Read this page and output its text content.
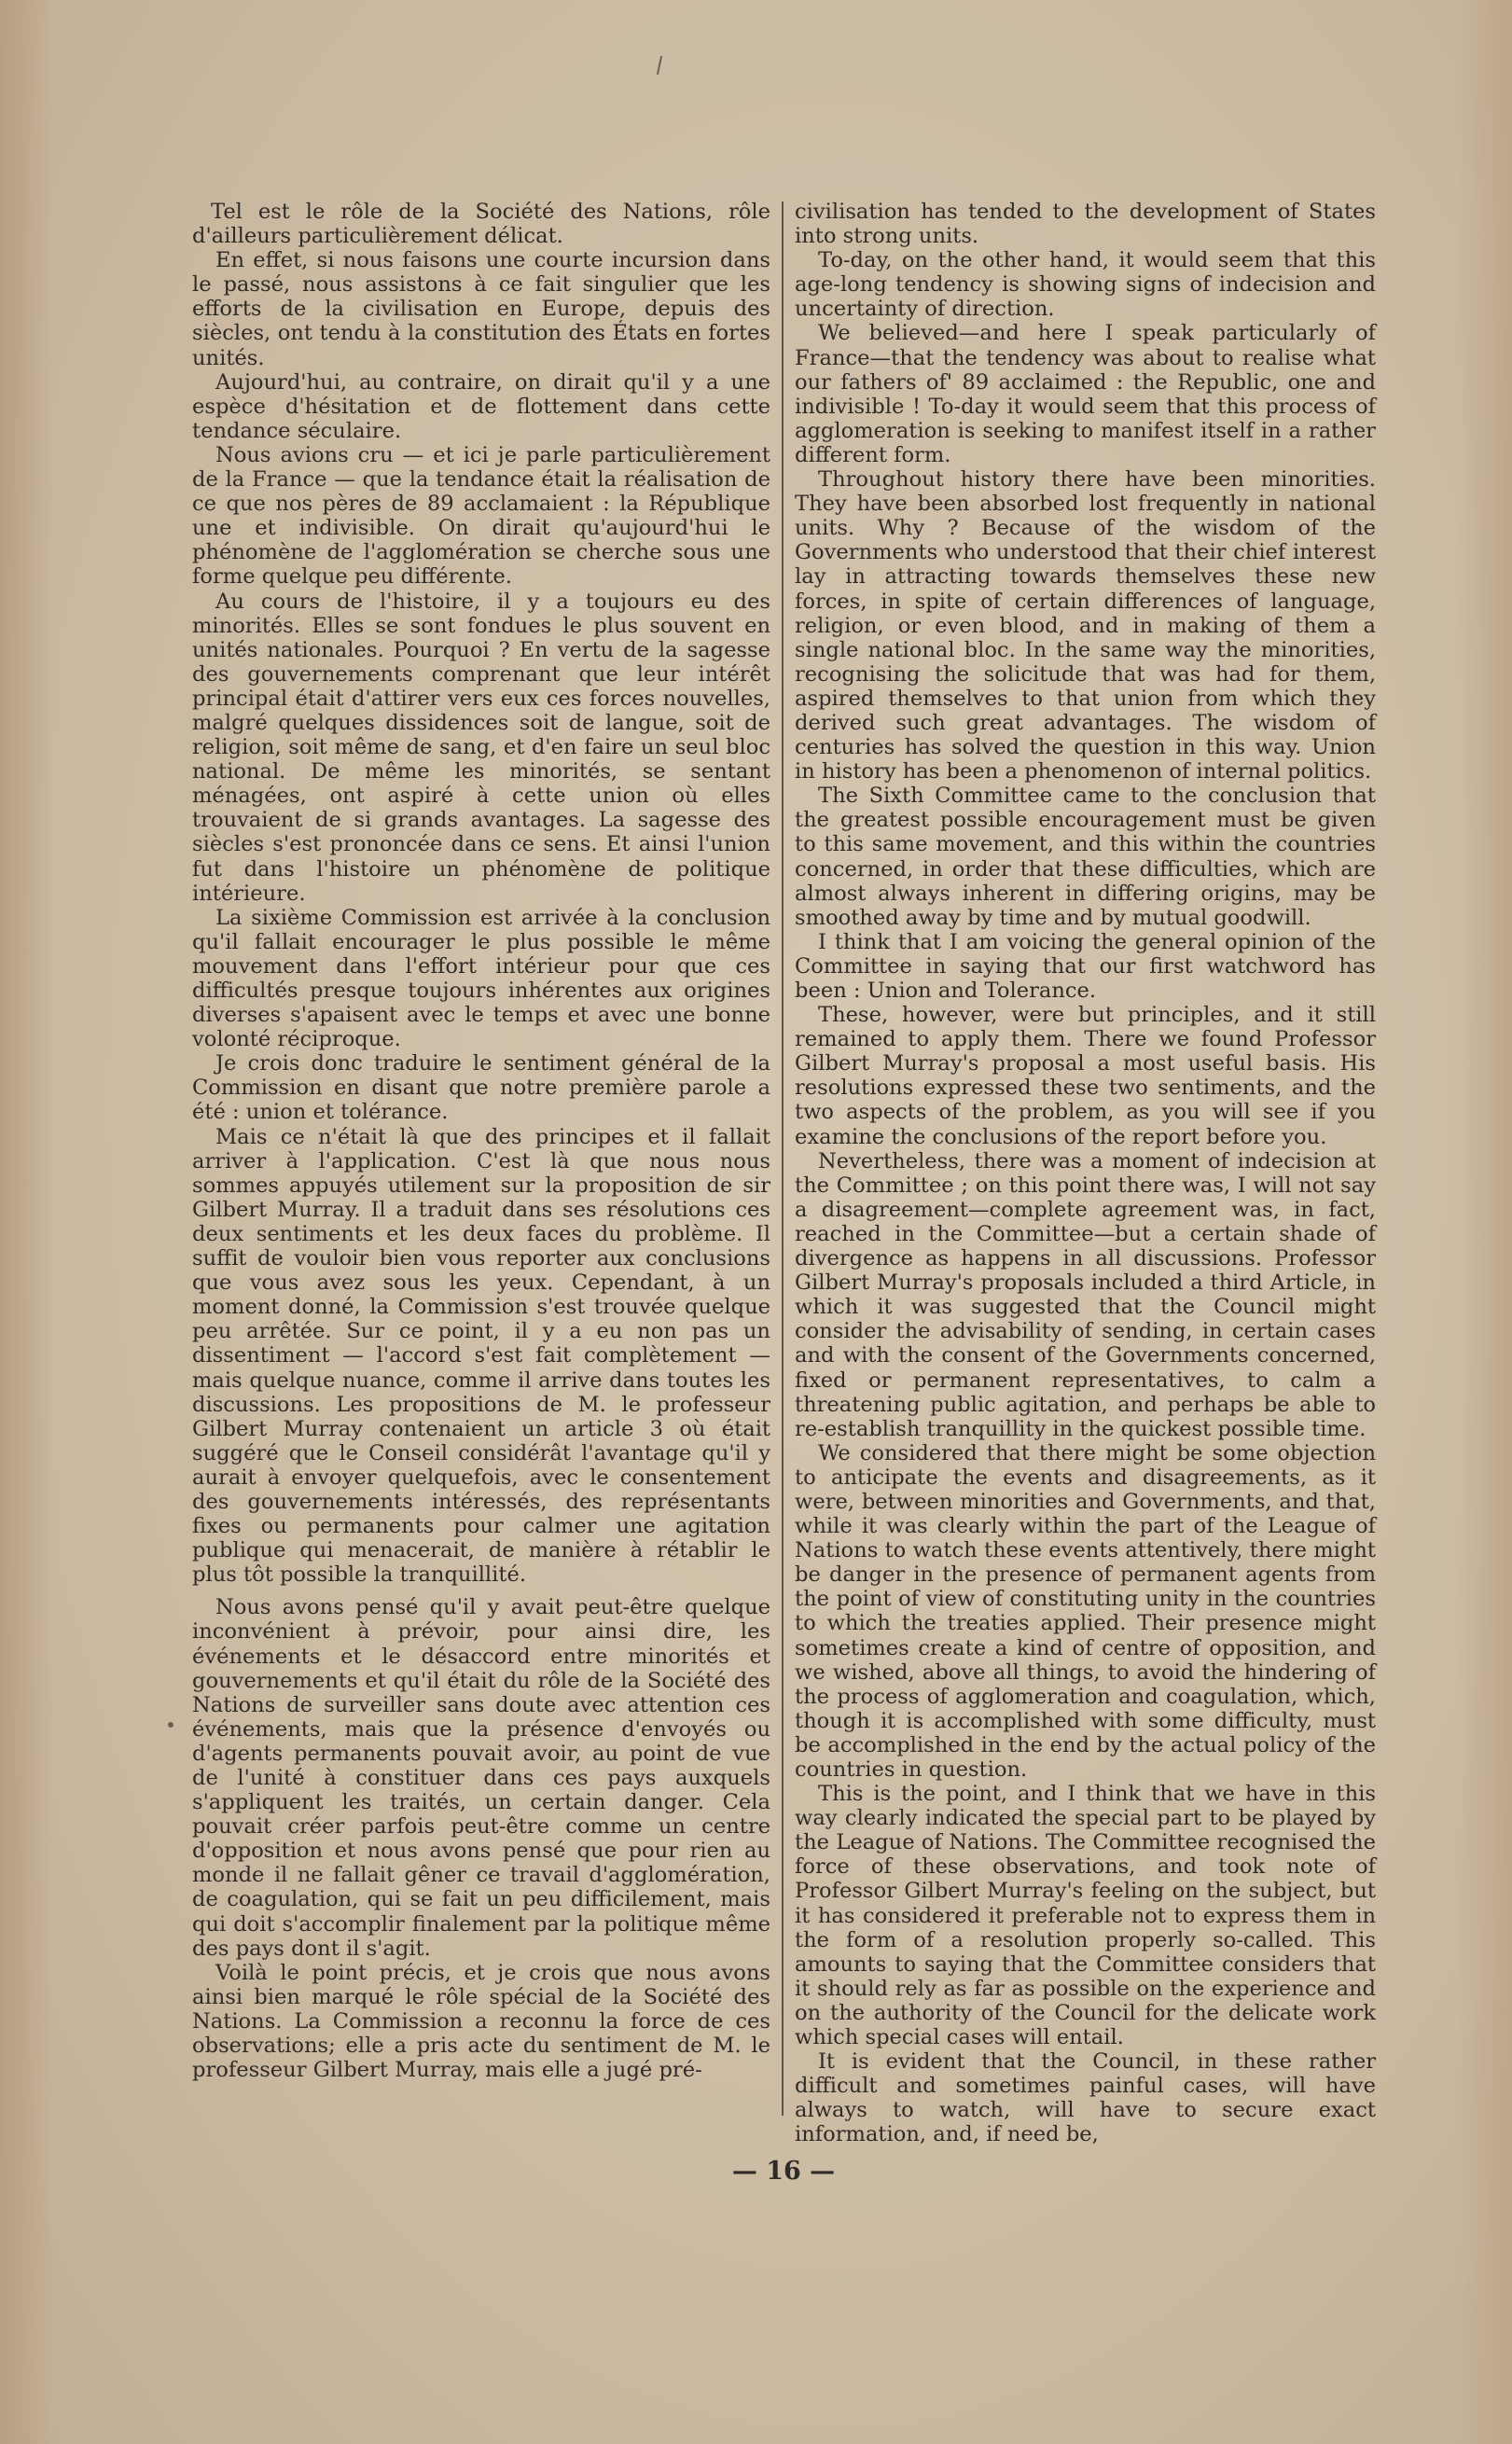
Tel est le rôle de la Société des Nations, rôle d'ailleurs particulièrement délicat.

En effet, si nous faisons une courte incursion dans le passé, nous assistons à ce fait singulier que les efforts de la civilisation en Europe, depuis des siècles, ont tendu à la constitution des États en fortes unités.

Aujourd'hui, au contraire, on dirait qu'il y a une espèce d'hésitation et de flottement dans cette tendance séculaire.

Nous avions cru — et ici je parle particulièrement de la France — que la tendance était la réalisation de ce que nos pères de 89 acclamaient : la République une et indivisible. On dirait qu'aujourd'hui le phénomène de l'agglomération se cherche sous une forme quelque peu différente.

Au cours de l'histoire, il y a toujours eu des minorités. Elles se sont fondues le plus souvent en unités nationales. Pourquoi ? En vertu de la sagesse des gouvernements comprenant que leur intérêt principal était d'attirer vers eux ces forces nouvelles, malgré quelques dissidences soit de langue, soit de religion, soit même de sang, et d'en faire un seul bloc national. De même les minorités, se sentant ménagées, ont aspiré à cette union où elles trouvaient de si grands avantages. La sagesse des siècles s'est prononcée dans ce sens. Et ainsi l'union fut dans l'histoire un phénomène de politique intérieure.

La sixième Commission est arrivée à la conclusion qu'il fallait encourager le plus possible le même mouvement dans l'effort intérieur pour que ces difficultés presque toujours inhérentes aux origines diverses s'apaisent avec le temps et avec une bonne volonté réciproque.

Je crois donc traduire le sentiment général de la Commission en disant que notre première parole a été : union et tolérance.

Mais ce n'était là que des principes et il fallait arriver à l'application. C'est là que nous nous sommes appuyés utilement sur la proposition de sir Gilbert Murray. Il a traduit dans ses résolutions ces deux sentiments et les deux faces du problème. Il suffit de vouloir bien vous reporter aux conclusions que vous avez sous les yeux. Cependant, à un moment donné, la Commission s'est trouvée quelque peu arrêtée. Sur ce point, il y a eu non pas un dissentiment — l'accord s'est fait complètement — mais quelque nuance, comme il arrive dans toutes les discussions. Les propositions de M. le professeur Gilbert Murray contenaient un article 3 où était suggéré que le Conseil considérât l'avantage qu'il y aurait à envoyer quelquefois, avec le consentement des gouvernements intéressés, des représentants fixes ou permanents pour calmer une agitation publique qui menacerait, de manière à rétablir le plus tôt possible la tranquillité.

Nous avons pensé qu'il y avait peut-être quelque inconvénient à prévoir, pour ainsi dire, les événements et le désaccord entre minorités et gouvernements et qu'il était du rôle de la Société des Nations de surveiller sans doute avec attention ces événements, mais que la présence d'envoyés ou d'agents permanents pouvait avoir, au point de vue de l'unité à constituer dans ces pays auxquels s'appliquent les traités, un certain danger. Cela pouvait créer parfois peut-être comme un centre d'opposition et nous avons pensé que pour rien au monde il ne fallait gêner ce travail d'agglomération, de coagulation, qui se fait un peu difficilement, mais qui doit s'accomplir finalement par la politique même des pays dont il s'agit.

Voilà le point précis, et je crois que nous avons ainsi bien marqué le rôle spécial de la Société des Nations. La Commission a reconnu la force de ces observations; elle a pris acte du sentiment de M. le professeur Gilbert Murray, mais elle a jugé pré-

civilisation has tended to the development of States into strong units.

To-day, on the other hand, it would seem that this age-long tendency is showing signs of indecision and uncertainty of direction.

We believed—and here I speak particularly of France—that the tendency was about to realise what our fathers of' 89 acclaimed : the Republic, one and indivisible ! To-day it would seem that this process of agglomeration is seeking to manifest itself in a rather different form.

Throughout history there have been minorities. They have been absorbed lost frequently in national units. Why ? Because of the wisdom of the Governments who understood that their chief interest lay in attracting towards themselves these new forces, in spite of certain differences of language, religion, or even blood, and in making of them a single national bloc. In the same way the minorities, recognising the solicitude that was had for them, aspired themselves to that union from which they derived such great advantages. The wisdom of centuries has solved the question in this way. Union in history has been a phenomenon of internal politics.

The Sixth Committee came to the conclusion that the greatest possible encouragement must be given to this same movement, and this within the countries concerned, in order that these difficulties, which are almost always inherent in differing origins, may be smoothed away by time and by mutual goodwill.

I think that I am voicing the general opinion of the Committee in saying that our first watchword has been : Union and Tolerance.

These, however, were but principles, and it still remained to apply them. There we found Professor Gilbert Murray's proposal a most useful basis. His resolutions expressed these two sentiments, and the two aspects of the problem, as you will see if you examine the conclusions of the report before you.

Nevertheless, there was a moment of indecision at the Committee ; on this point there was, I will not say a disagreement—complete agreement was, in fact, reached in the Committee—but a certain shade of divergence as happens in all discussions. Professor Gilbert Murray's proposals included a third Article, in which it was suggested that the Council might consider the advisability of sending, in certain cases and with the consent of the Governments concerned, fixed or permanent representatives, to calm a threatening public agitation, and perhaps be able to re-establish tranquillity in the quickest possible time.

We considered that there might be some objection to anticipate the events and disagreements, as it were, between minorities and Governments, and that, while it was clearly within the part of the League of Nations to watch these events attentively, there might be danger in the presence of permanent agents from the point of view of constituting unity in the countries to which the treaties applied. Their presence might sometimes create a kind of centre of opposition, and we wished, above all things, to avoid the hindering of the process of agglomeration and coagulation, which, though it is accomplished with some difficulty, must be accomplished in the end by the actual policy of the countries in question.

This is the point, and I think that we have in this way clearly indicated the special part to be played by the League of Nations. The Committee recognised the force of these observations, and took note of Professor Gilbert Murray's feeling on the subject, but it has considered it preferable not to express them in the form of a resolution properly so-called. This amounts to saying that the Committee considers that it should rely as far as possible on the experience and on the authority of the Council for the delicate work which special cases will entail.

It is evident that the Council, in these rather difficult and sometimes painful cases, will have always to watch, will have to secure exact information, and, if need be,

— 16 —
